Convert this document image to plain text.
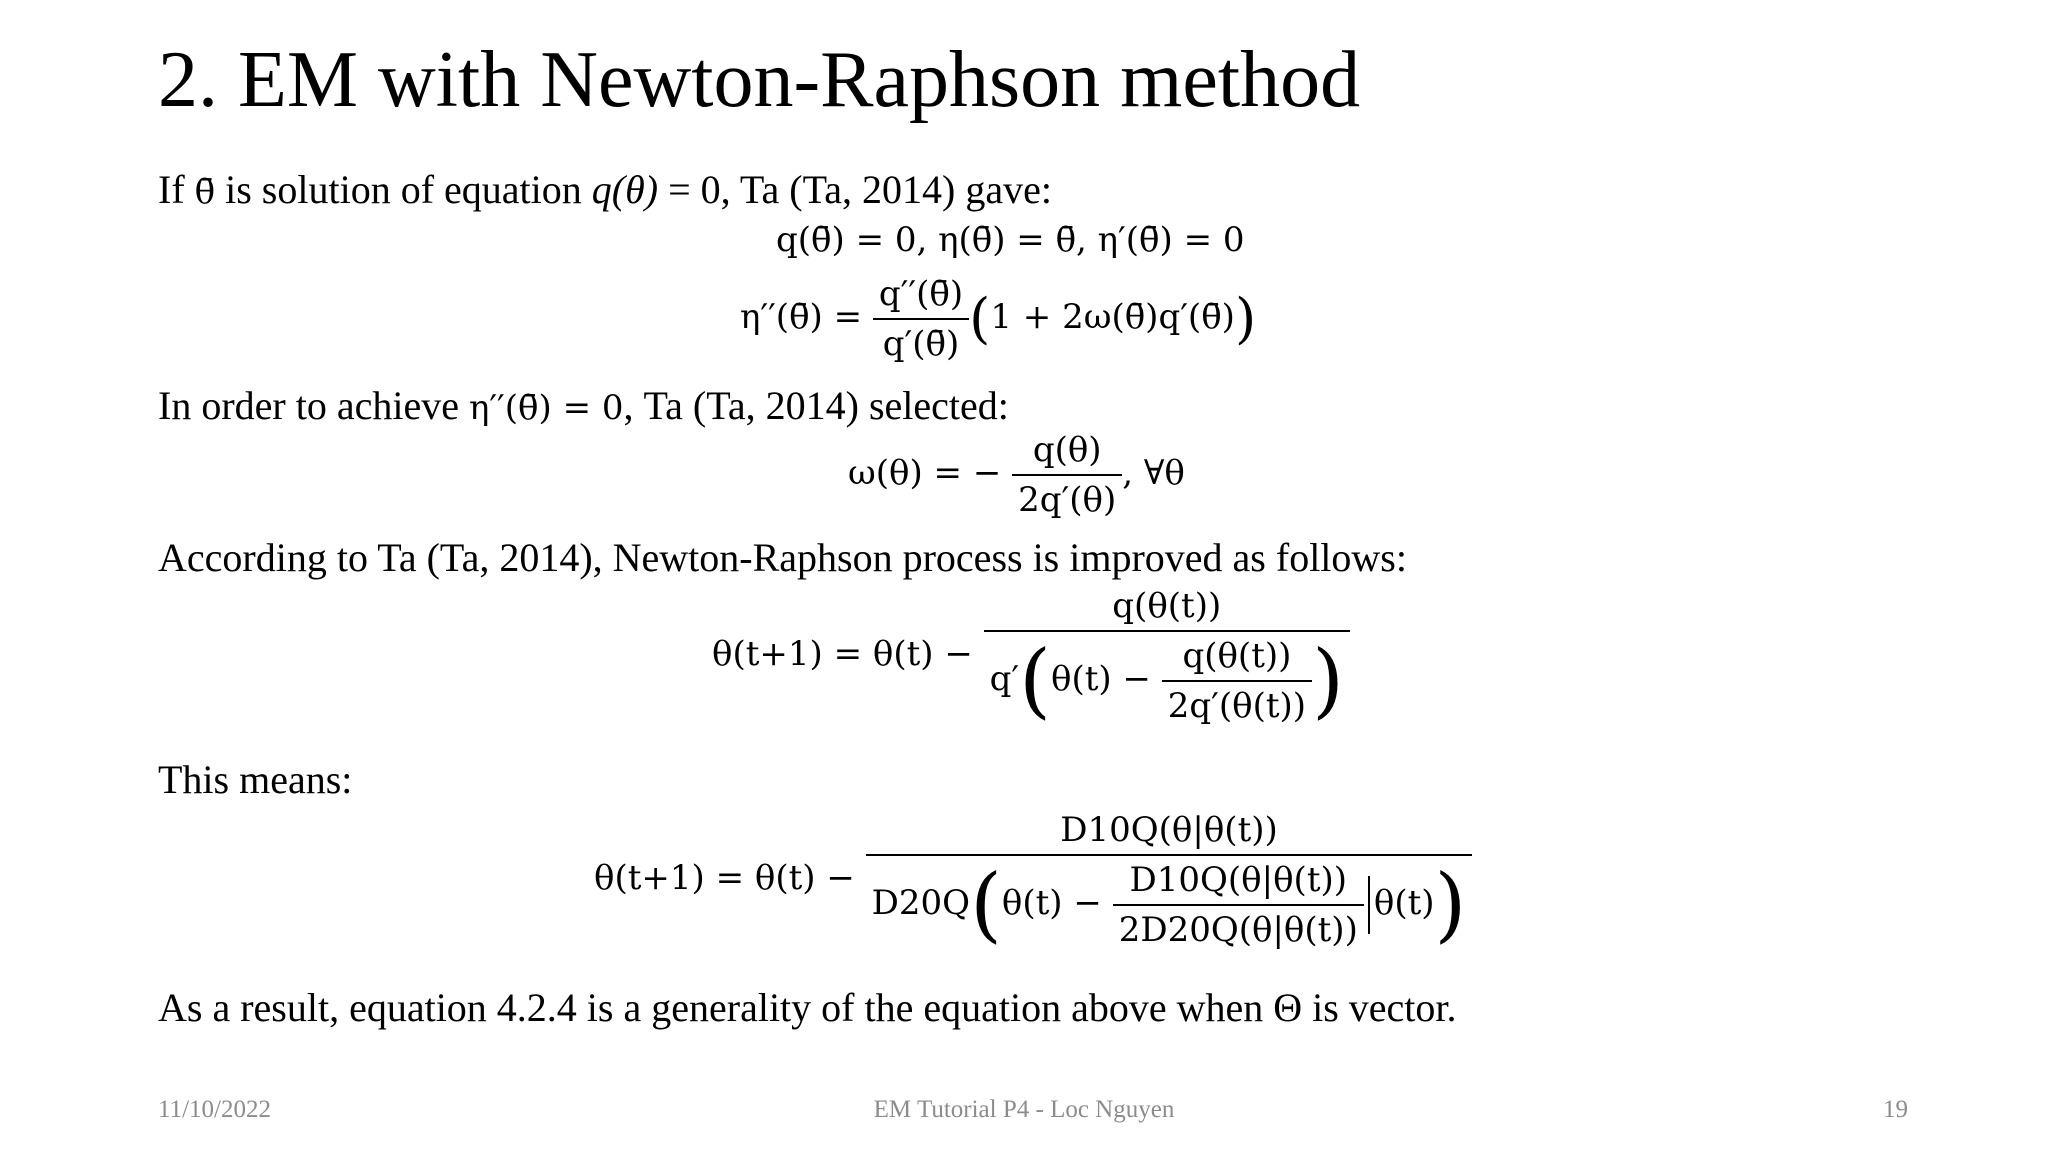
2. EM with Newton-Raphson method
If θ̄ is solution of equation q(θ) = 0, Ta (Ta, 2014) gave:
q(θ̄) = 0, η(θ̄) = θ̄, η′(θ̄) = 0
η′′(θ̄) = $\frac{q''(\thetā)}{q'(\thetā)} (1$ + 2ω(θ̄)q′(θ̄))
In order to achieve η′′(θ̄) = 0, Ta (Ta, 2014) selected:
ω(θ) = − $\frac{q(\theta)}{2q'(\theta)}$ , ∀θ
According to Ta (Ta, 2014), Newton-Raphson process is improved as follows:
$\theta(t+1) = \theta(t) - \frac{q(\theta(t))}{q'(\theta(t) - \frac{q(\theta(t))}{2q'(\theta(t))} )}$
This means:
θ(t+1) = θ(t) −
D10Q(θ|θ(t))
$D20Q(\theta(t) - \frac{D10Q(\theta|\theta(t))}{2D20Q(\theta|\theta(t))} \theta(t))$
As a result, equation 4.2.4 is a generality of the equation above when Θ is vector.
11/10/2022	EM Tutorial P4 - Loc Nguyen	19
